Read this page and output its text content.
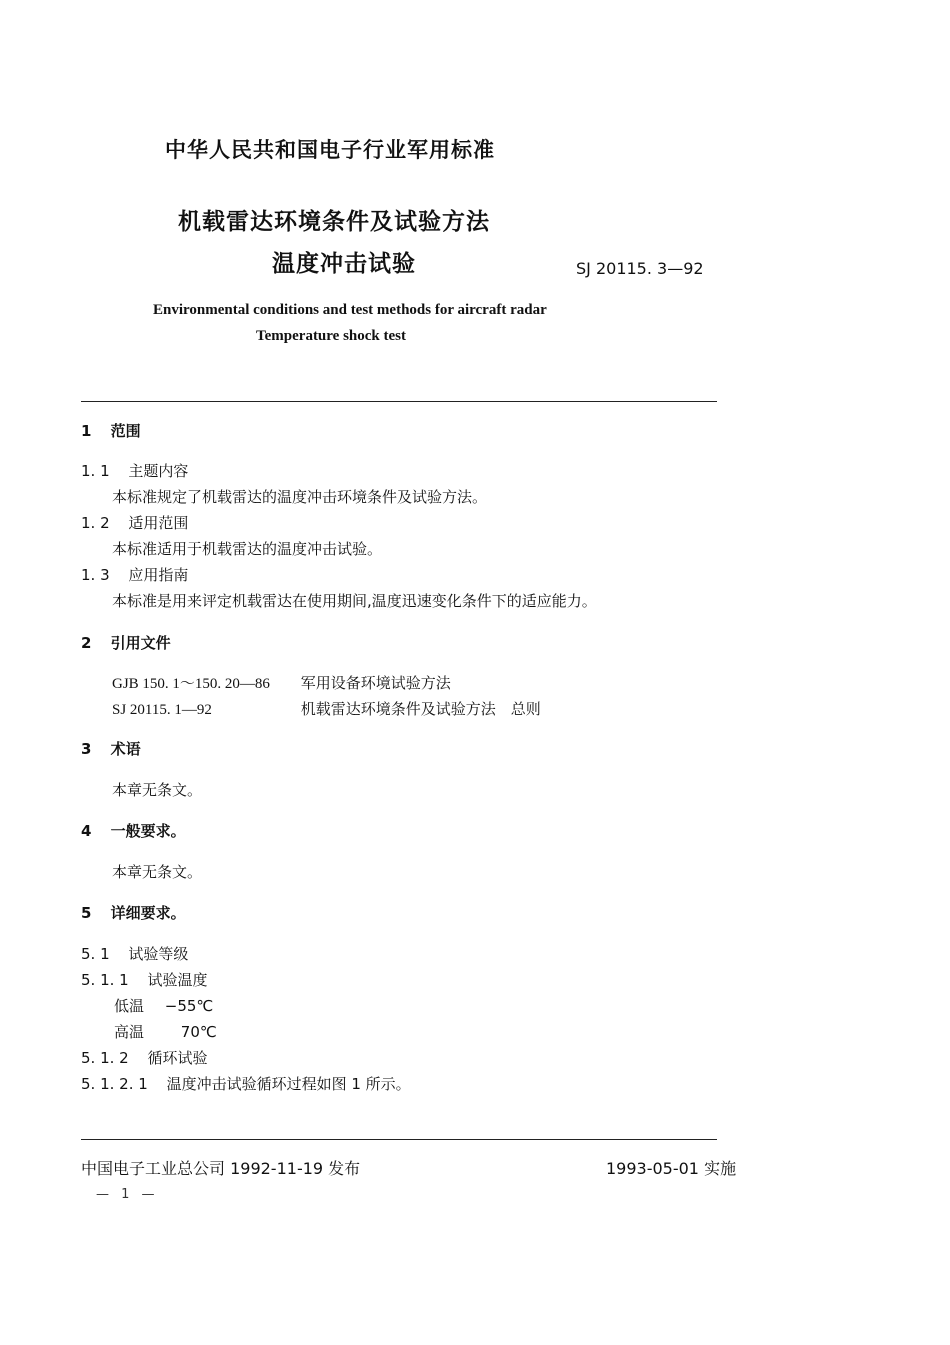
中华人民共和国电子行业军用标准
机载雷达环境条件及试验方法
温度冲击试验	SJ 20115. 3—92
Environmental conditions and test methods for aircraft radar
Temperature shock test
1 范围
1. 1 主题内容
本标准规定了机载雷达的温度冲击环境条件及试验方法。
1. 2 适用范围
本标准适用于机载雷达的温度冲击试验。
1. 3 应用指南
本标准是用来评定机载雷达在使用期间,温度迅速变化条件下的适应能力。
2 引用文件
GJB 150. 1～150. 20—86 军用设备环境试验方法
SJ 20115. 1—92	机载雷达环境条件及试验方法　总则
3 术语
本章无条文。
4 一般要求。
本章无条文。
5 详细要求。
5. 1 试验等级
5. 1. 1 试验温度
低温 −55℃
高温 70℃
5. 1. 2 循环试验
5. 1. 2. 1 温度冲击试验循环过程如图 1 所示。
中国电子工业总公司 1992-11-19 发布	1993-05-01 实施
— 1 —
